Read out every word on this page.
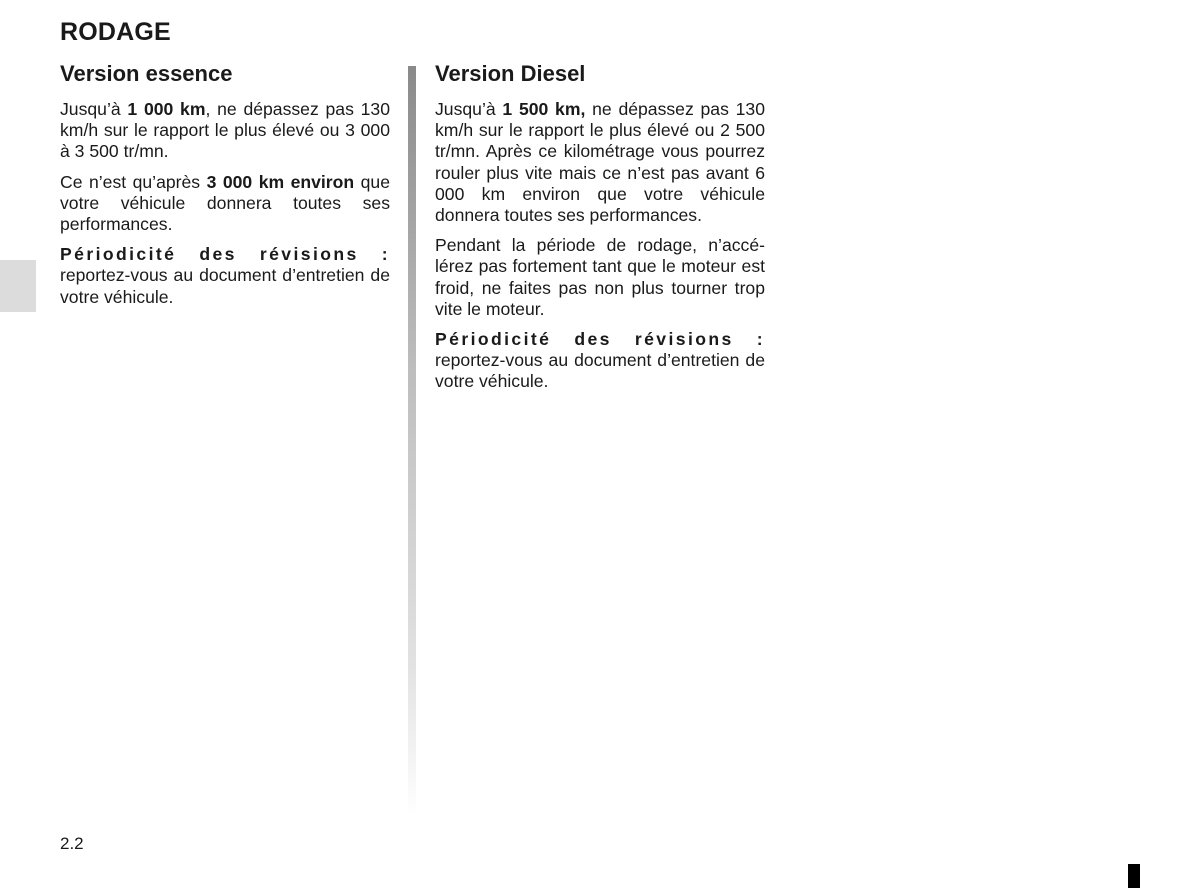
RODAGE
Version essence

Jusqu’à 1 000 km, ne dépassez pas 130 km/h sur le rapport le plus élevé ou 3 000 à 3 500 tr/mn.

Ce n’est qu’après 3 000 km environ que votre véhicule donnera toutes ses performances.

Périodicité des révisions : reportez-vous au document d’entretien de votre véhicule.

Version Diesel

Jusqu’à 1 500 km, ne dépassez pas 130 km/h sur le rapport le plus élevé ou 2 500 tr/mn. Après ce kilométrage vous pourrez rouler plus vite mais ce n’est pas avant 6 000 km environ que votre véhicule donnera toutes ses performances.

Pendant la période de rodage, n’accélérez pas fortement tant que le moteur est froid, ne faites pas non plus tourner trop vite le moteur.

Périodicité des révisions : reportez-vous au document d’entretien de votre véhicule.

2.2
